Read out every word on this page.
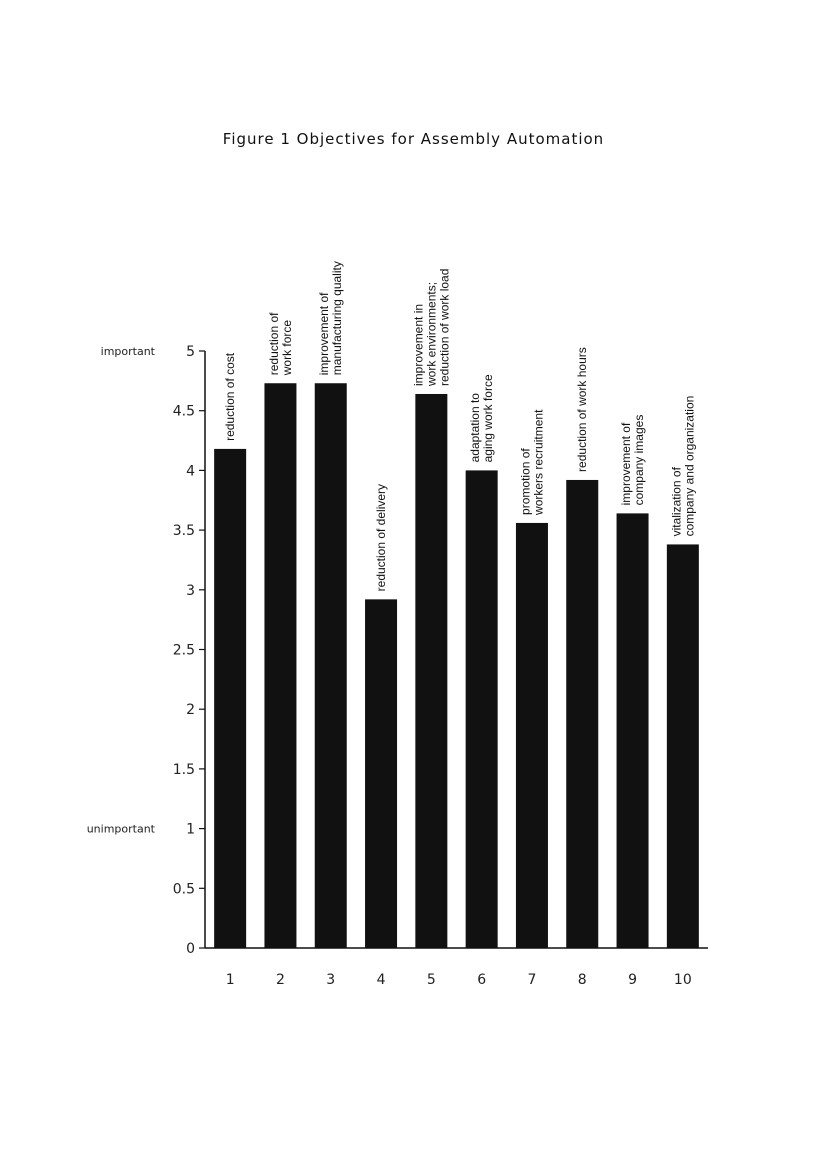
Figure 1 Objectives for Assembly Automation
0
0.5
1
1.5
2
2.5
3
3.5
4
4.5
5
important
unimportant
1	2	3	4	5	6	7	8	9	10
reduction of cost
reduction of work force improvement of manufacturing quality
reduction of delivery
improvement in work environments; reduction of work load
adaptation to aging work force
promotion of workers recruitment reduction of work hours improvement of company images vitalization of company and organization
